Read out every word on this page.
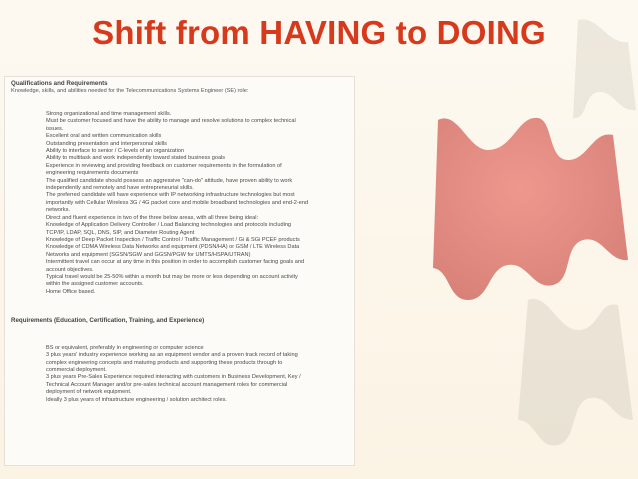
Shift from HAVING to DOING
Qualifications and Requirements
Knowledge, skills, and abilities needed for the Telecommunications Systems Engineer (SE) role:
Strong organizational and time management skills.
Must be customer focused and have the ability to manage and resolve solutions to complex technical
issues.
Excellent oral and written communication skills
Outstanding presentation and interpersonal skills
Ability to interface to senior / C-levels of an organization
Ability to multitask and work independently toward stated business goals
Experience in reviewing and providing feedback on customer requirements in the formulation of
engineering requirements documents
The qualified candidate should possess an aggressive "can-do" attitude, have proven ability to work
independently and remotely and have entrepreneurial skills.
The preferred candidate will have experience with IP networking infrastructure technologies but most
importantly with Cellular Wireless 3G / 4G packet core and mobile broadband technologies and end-2-end
networks.
Direct and fluent experience in two of the three below areas, with all three being ideal:
Knowledge of Application Delivery Controller / Load Balancing technologies and protocols including
TCP/IP, LDAP, SQL, DNS, SIP, and Diameter Routing Agent
Knowledge of Deep Packet Inspection / Traffic Control / Traffic Management / Gi & SGi PCEF products
Knowledge of CDMA Wireless Data Networks and equipment (PDSN/HA) or GSM / LTE Wireless Data
Networks and equipment (SGSN/SGW and GGSN/PGW for UMTS/HSPA/UTRAN)
Intermittent travel can occur at any time in this position in order to accomplish customer facing goals and
account objectives.
Typical travel would be 25-50% within a month but may be more or less depending on account activity
within the assigned customer accounts.
Home Office based.
Requirements (Education, Certification, Training, and Experience)
BS or equivalent, preferably in engineering or computer science
3 plus years' industry experience working as an equipment vendor and a proven track record of taking
complex engineering concepts and maturing products and supporting these products through to
commercial deployment.
3 plus years Pre-Sales Experience required interacting with customers in Business Development, Key /
Technical Account Manager and/or pre-sales technical account management roles for commercial
deployment of network equipment.
Ideally 3 plus years of infrastructure engineering / solution architect roles.
